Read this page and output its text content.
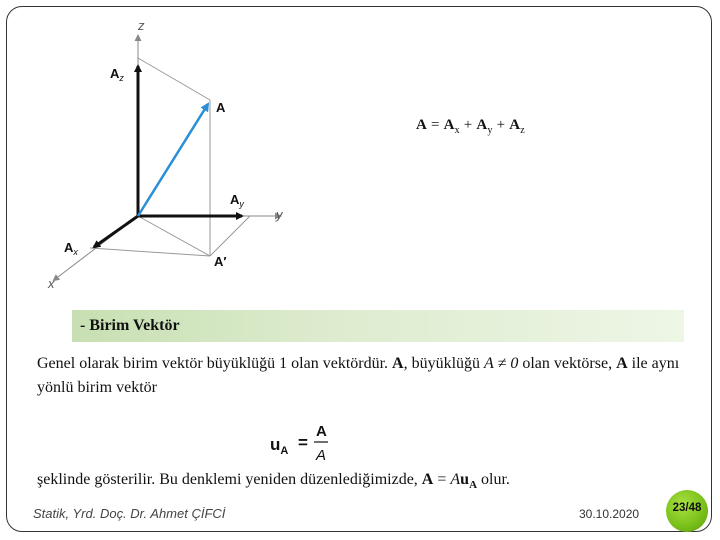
z
y
x
A
$A_z$
$A_y$
$A_x$
A′
$A = A_x + A_y + A_z$
- Birim Vektör
Genel olarak birim vektör büyüklüğü 1 olan vektördür. A, büyüklüğü A ≠ 0 olan vektörse, A ile aynı yönlü birim vektör
$u_A$ =
A
A
şeklinde gösterilir. Bu denklemi yeniden düzenlediğimizde, $A = Au_A$ olur.
Statik, Yrd. Doç. Dr. Ahmet ÇİFCİ	30.10.2020	23/48
